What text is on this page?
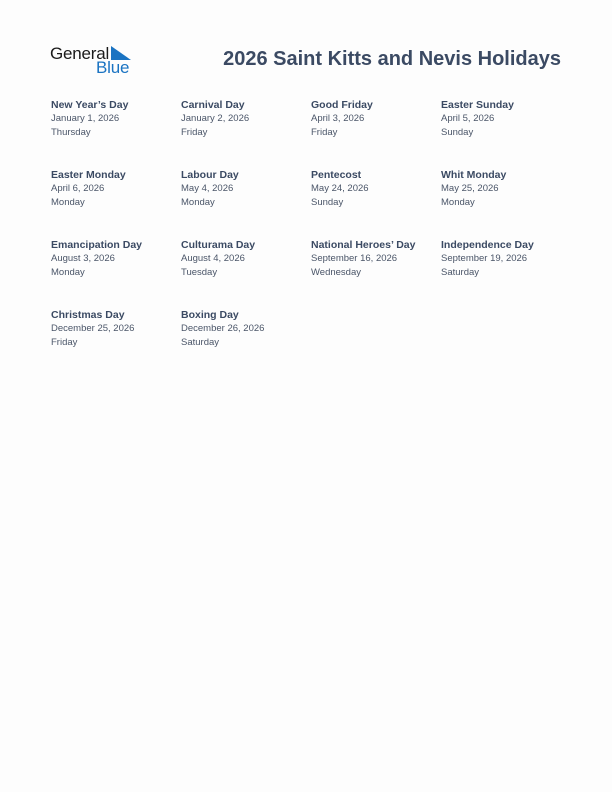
General
Blue	2026 Saint Kitts and Nevis Holidays
New Year’s Day
January 1, 2026
Thursday
Carnival Day
January 2, 2026
Friday
Good Friday
April 3, 2026
Friday
Easter Sunday
April 5, 2026
Sunday
Easter Monday
April 6, 2026
Monday
Labour Day
May 4, 2026
Monday
Pentecost
May 24, 2026
Sunday
Whit Monday
May 25, 2026
Monday
Emancipation Day
August 3, 2026
Monday
Culturama Day
August 4, 2026
Tuesday
National Heroes’ Day
September 16, 2026
Wednesday
Independence Day
September 19, 2026
Saturday
Christmas Day
December 25, 2026
Friday
Boxing Day
December 26, 2026
Saturday
